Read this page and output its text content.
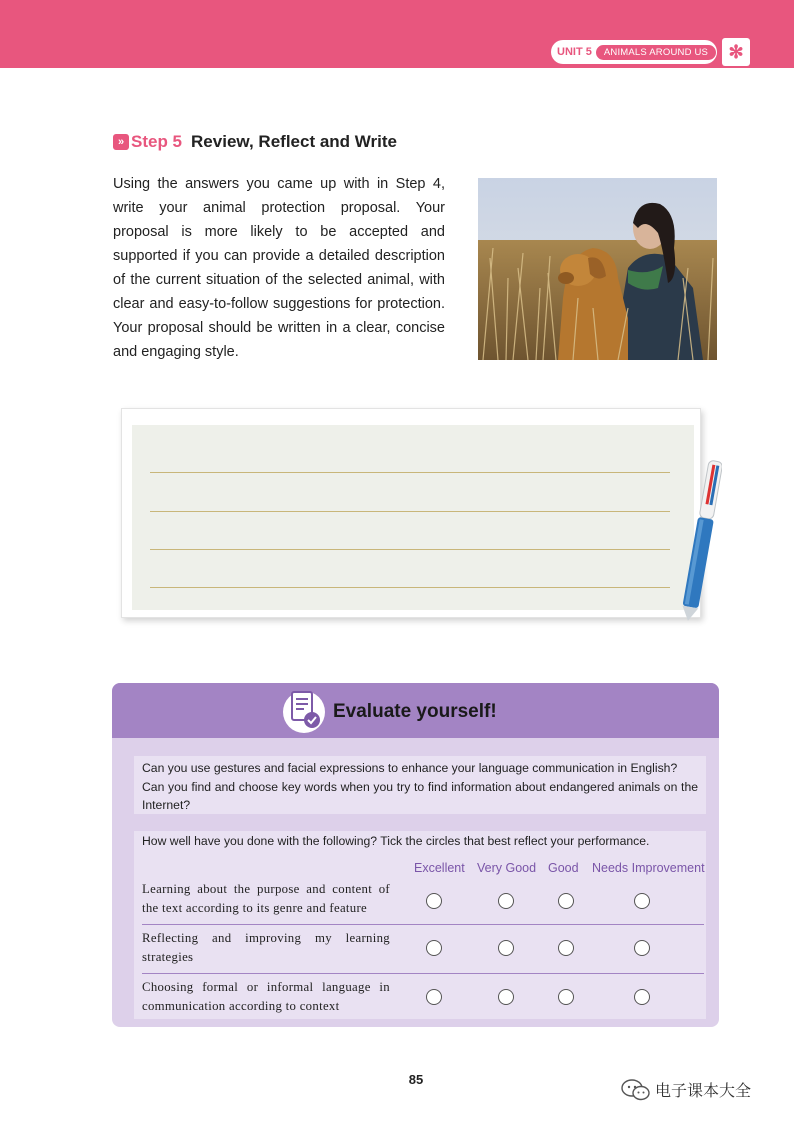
UNIT 5	ANIMALS AROUND US	✻
» Step 5 Review, Reflect and Write

Using the answers you came up with in Step 4, write your animal protection proposal. Your proposal is more likely to be accepted and supported if you can provide a detailed description of the current situation of the selected animal, with clear and easy-to-follow suggestions for protection. Your proposal should be written in a clear, concise and engaging style.

Evaluate yourself!
Can you use gestures and facial expressions to enhance your language communication in English?
Can you find and choose key words when you try to find information about endangered animals on the Internet?
How well have you done with the following? Tick the circles that best reflect your performance.
Excellent Very Good Good Needs Improvement
Learning about the purpose and content of the text according to its genre and feature
Reflecting and improving my learning strategies
Choosing formal or informal language in communication according to context
85
电子课本大全
